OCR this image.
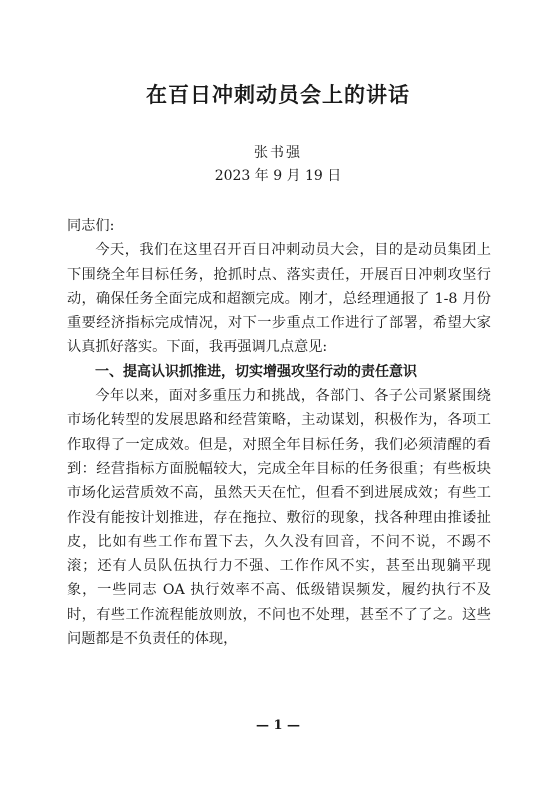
在百日冲刺动员会上的讲话
张书强
2023 年 9 月 19 日

同志们:

今天，我们在这里召开百日冲刺动员大会，目的是动员集团上下围绕全年目标任务，抢抓时点、落实责任，开展百日冲刺攻坚行动，确保任务全面完成和超额完成。刚才，总经理通报了 1-8 月份重要经济指标完成情况，对下一步重点工作进行了部署，希望大家认真抓好落实。下面，我再强调几点意见:

一、提高认识抓推进，切实增强攻坚行动的责任意识

今年以来，面对多重压力和挑战，各部门、各子公司紧紧围绕市场化转型的发展思路和经营策略，主动谋划，积极作为，各项工作取得了一定成效。但是，对照全年目标任务，我们必须清醒的看到：经营指标方面脱幅较大，完成全年目标的任务很重；有些板块市场化运营质效不高，虽然天天在忙，但看不到进展成效；有些工作没有能按计划推进，存在拖拉、敷衍的现象，找各种理由推诿扯皮，比如有些工作布置下去，久久没有回音，不问不说，不踢不滚；还有人员队伍执行力不强、工作作风不实，甚至出现躺平现象，一些同志 OA 执行效率不高、低级错误频发，履约执行不及时，有些工作流程能放则放，不问也不处理，甚至不了了之。这些问题都是不负责任的体现，

— 1 —
